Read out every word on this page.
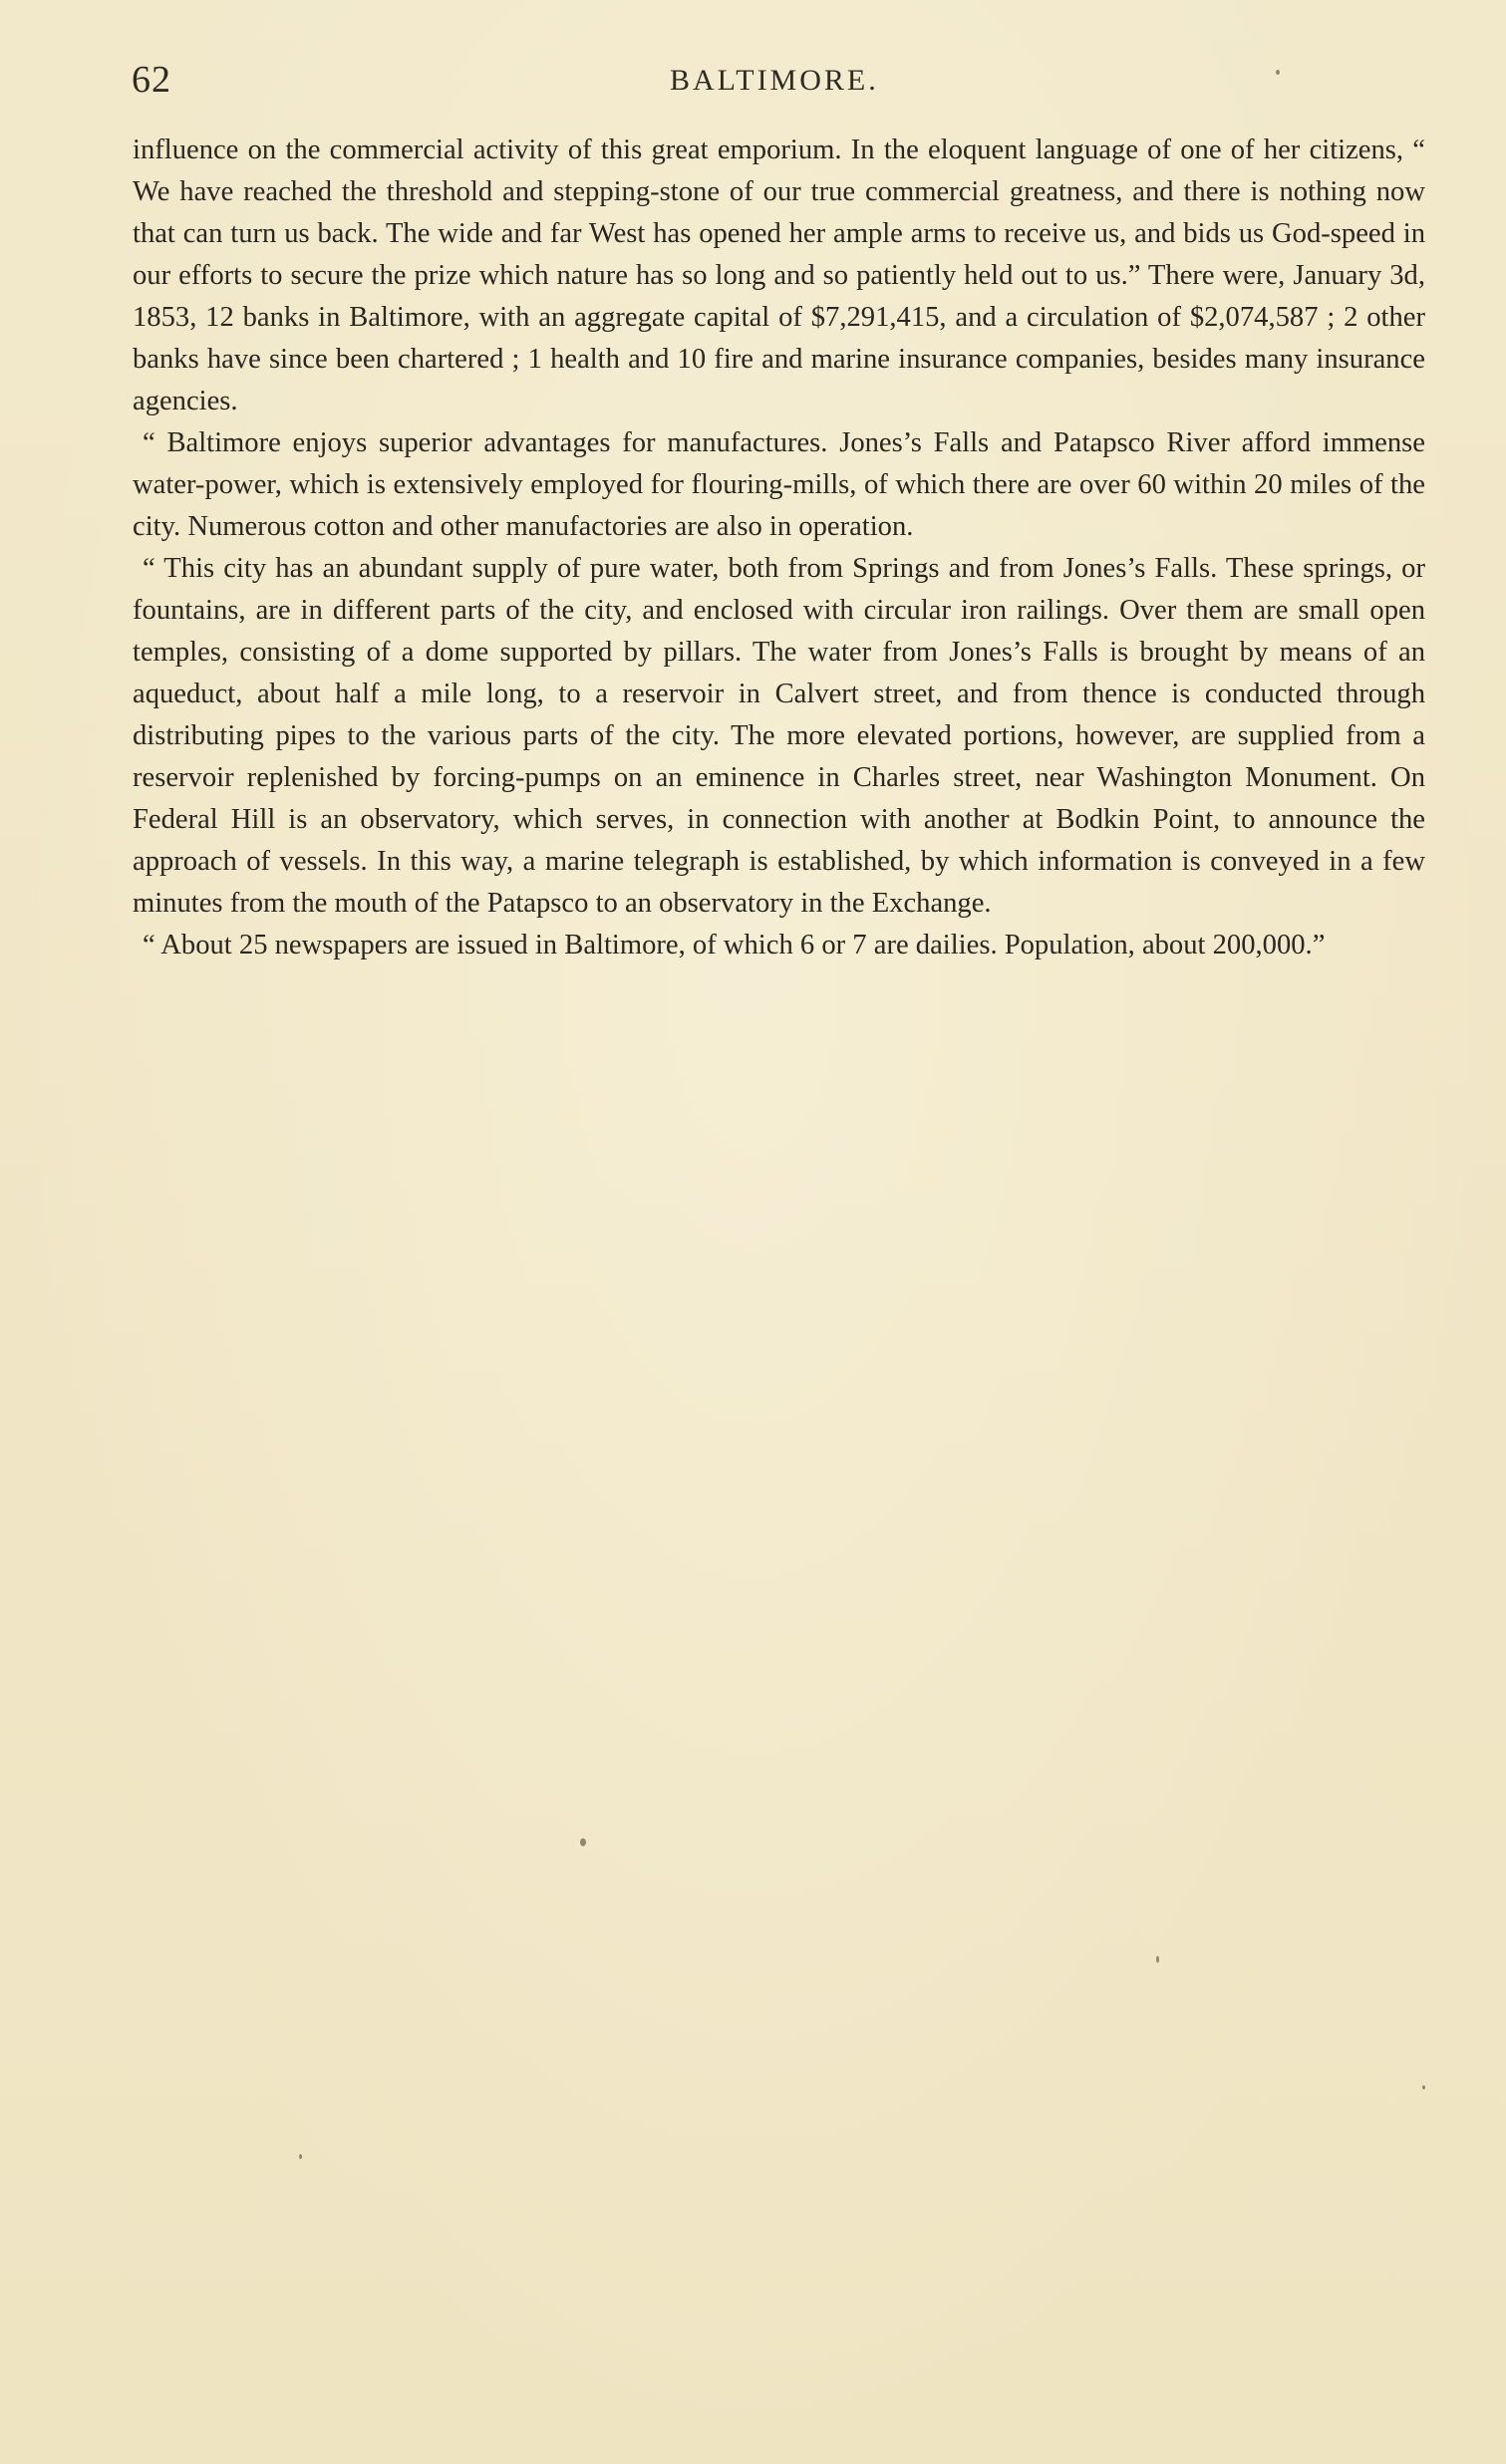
62	BALTIMORE.

influence on the commercial activity of this great emporium. In the eloquent language of one of her citizens, “ We have reached the threshold and stepping-stone of our true commercial greatness, and there is nothing now that can turn us back. The wide and far West has opened her ample arms to receive us, and bids us God-speed in our efforts to secure the prize which nature has so long and so patiently held out to us.” There were, January 3d, 1853, 12 banks in Baltimore, with an aggregate capital of $7,291,415, and a circulation of $2,074,587 ; 2 other banks have since been chartered ; 1 health and 10 fire and marine insurance companies, besides many insurance agencies.

“ Baltimore enjoys superior advantages for manufactures. Jones’s Falls and Patapsco River afford immense water-power, which is extensively employed for flouring-mills, of which there are over 60 within 20 miles of the city. Numerous cotton and other manufactories are also in operation.

“ This city has an abundant supply of pure water, both from Springs and from Jones’s Falls. These springs, or fountains, are in different parts of the city, and enclosed with circular iron railings. Over them are small open temples, consisting of a dome supported by pillars. The water from Jones’s Falls is brought by means of an aqueduct, about half a mile long, to a reservoir in Calvert street, and from thence is conducted through distributing pipes to the various parts of the city. The more elevated portions, however, are supplied from a reservoir replenished by forcing-pumps on an eminence in Charles street, near Washington Monument. On Federal Hill is an observatory, which serves, in connection with another at Bodkin Point, to announce the approach of vessels. In this way, a marine telegraph is established, by which information is conveyed in a few minutes from the mouth of the Patapsco to an observatory in the Exchange.

“ About 25 newspapers are issued in Baltimore, of which 6 or 7 are dailies. Population, about 200,000.”
